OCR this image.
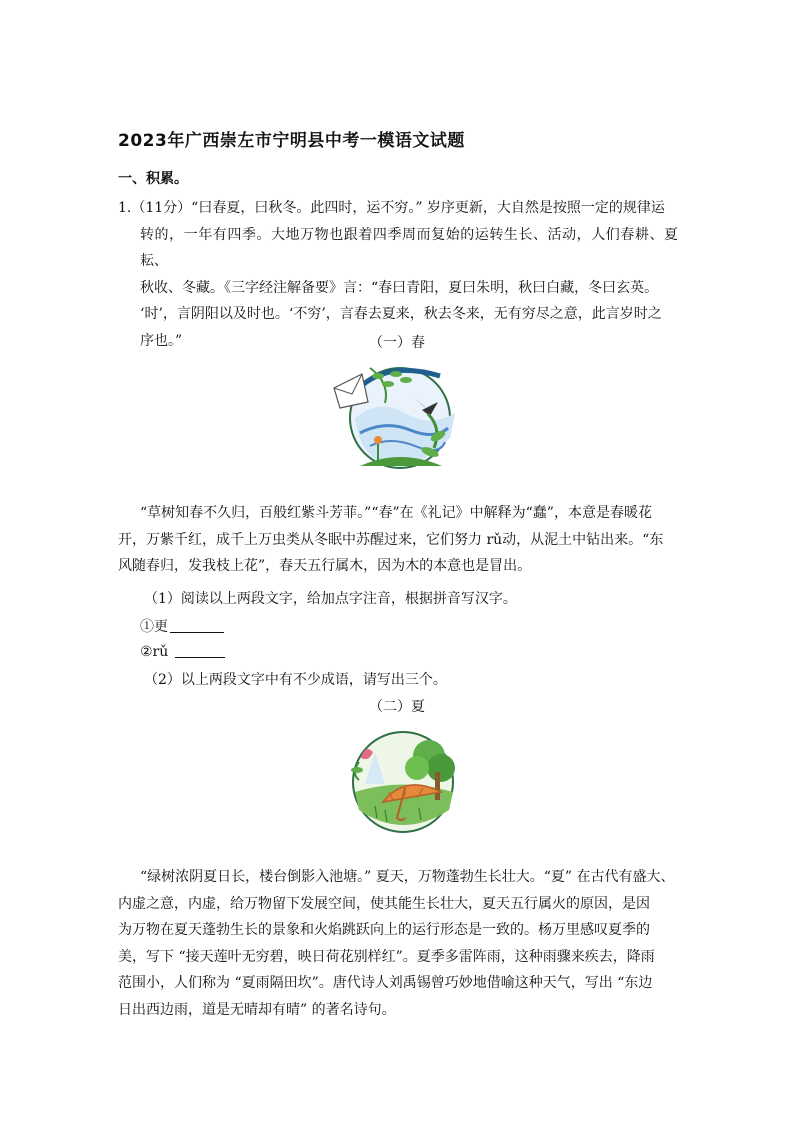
2023年广西崇左市宁明县中考一模语文试题
一、积累。
1.（11分）“曰春夏，曰秋冬。此四时，运不穷。” 岁序更新，大自然是按照一定的规律运
转的，一年有四季。大地万物也跟着四季周而复始的运转生长、活动，人们春耕、夏耘、
秋收、冬藏。《三字经注解备要》言：“春曰青阳，夏曰朱明，秋曰白藏，冬曰玄英。
‘时’，言阴阳以及时也。‘不穷’，言春去夏来，秋去冬来，无有穷尽之意，此言岁时之
序也。”	（一）春
“草树知春不久归，百般红紫斗芳菲。”“春”在《礼记》中解释为“蠢”，本意是春暖花
开，万紫千红，成千上万虫类从冬眠中苏醒过来，它们努力 rǔ动，从泥土中钻出来。“东
风随春归，发我枝上花”，春天五行属木，因为木的本意也是冒出。
（1）阅读以上两段文字，给加点字注音，根据拼音写汉字。
①更
②rǔ
（2）以上两段文字中有不少成语，请写出三个。
（二）夏
“绿树浓阴夏日长，楼台倒影入池塘。” 夏天，万物蓬勃生长壮大。“夏” 在古代有盛大、
内虚之意，内虚，给万物留下发展空间，使其能生长壮大，夏天五行属火的原因，是因
为万物在夏天蓬勃生长的景象和火焰跳跃向上的运行形态是一致的。杨万里感叹夏季的
美，写下 “接天莲叶无穷碧，映日荷花别样红”。夏季多雷阵雨，这种雨骤来疾去，降雨
范围小，人们称为 “夏雨隔田坎”。唐代诗人刘禹锡曾巧妙地借喻这种天气，写出 “东边
日出西边雨，道是无晴却有晴” 的著名诗句。
